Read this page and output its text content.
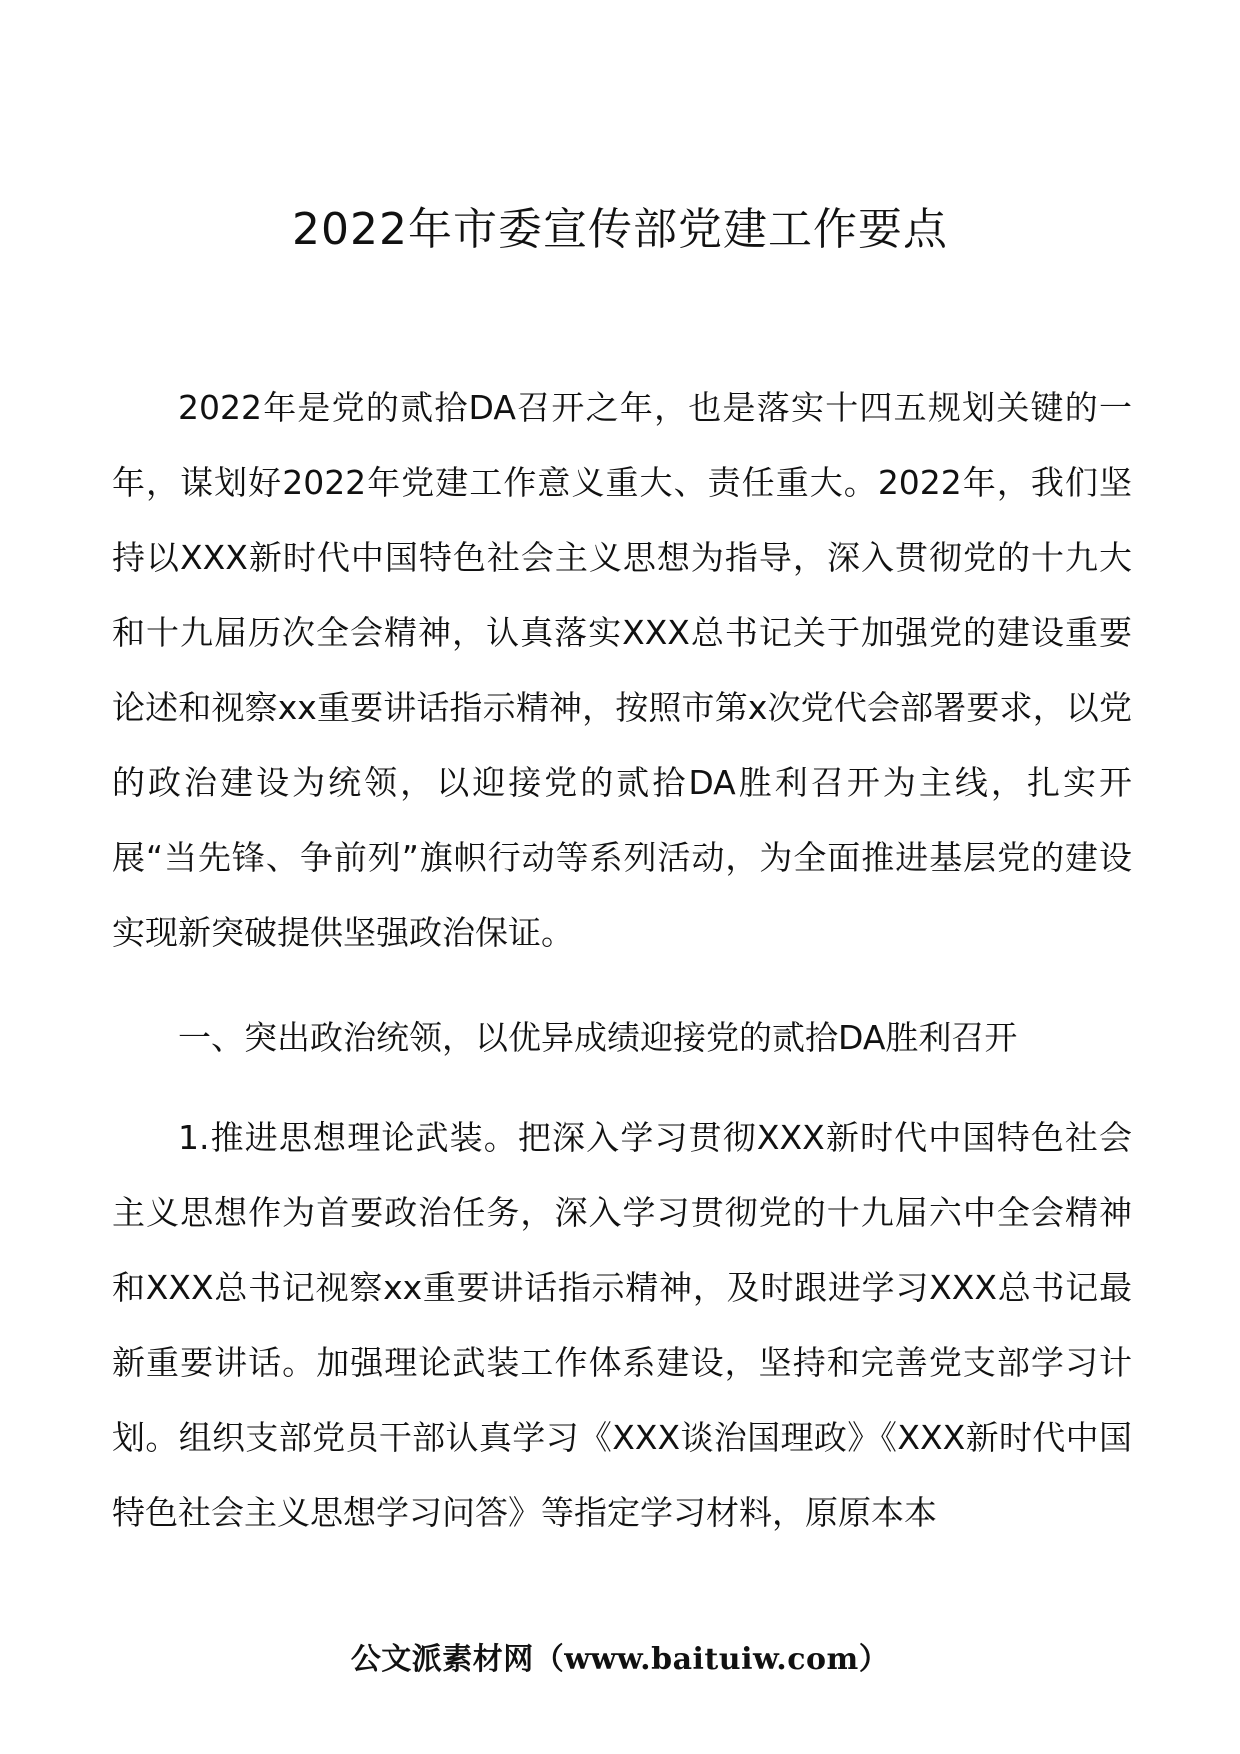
2022年市委宣传部党建工作要点

2022年是党的贰拾DA召开之年，也是落实十四五规划关键的一年，谋划好2022年党建工作意义重大、责任重大。2022年，我们坚持以XXX新时代中国特色社会主义思想为指导，深入贯彻党的十九大和十九届历次全会精神，认真落实XXX总书记关于加强党的建设重要论述和视察xx重要讲话指示精神，按照市第x次党代会部署要求，以党的政治建设为统领，以迎接党的贰拾DA胜利召开为主线，扎实开展“当先锋、争前列”旗帜行动等系列活动，为全面推进基层党的建设实现新突破提供坚强政治保证。

一、突出政治统领，以优异成绩迎接党的贰拾DA胜利召开

1.推进思想理论武装。把深入学习贯彻XXX新时代中国特色社会主义思想作为首要政治任务，深入学习贯彻党的十九届六中全会精神和XXX总书记视察xx重要讲话指示精神，及时跟进学习XXX总书记最新重要讲话。加强理论武装工作体系建设，坚持和完善党支部学习计划。组织支部党员干部认真学习《XXX谈治国理政》《XXX新时代中国特色社会主义思想学习问答》等指定学习材料，原原本本

公文派素材网（www.baituiw.com）
